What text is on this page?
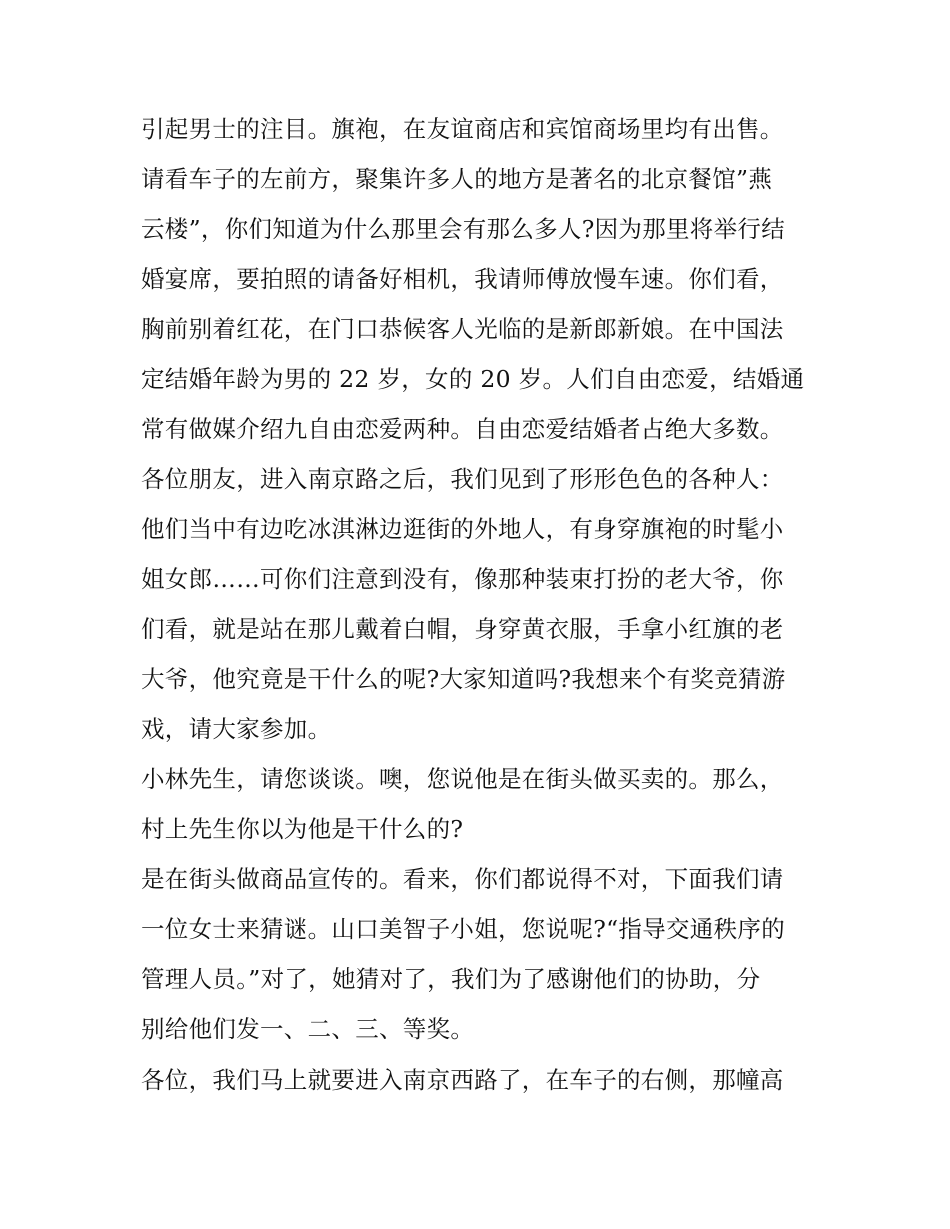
引起男士的注目。旗袍，在友谊商店和宾馆商场里均有出售。
请看车子的左前方，聚集许多人的地方是著名的北京餐馆”燕
云楼”，你们知道为什么那里会有那么多人?因为那里将举行结
婚宴席，要拍照的请备好相机，我请师傅放慢车速。你们看，
胸前别着红花，在门口恭候客人光临的是新郎新娘。在中国法
定结婚年龄为男的 22 岁，女的 20 岁。人们自由恋爱，结婚通
常有做媒介绍九自由恋爱两种。自由恋爱结婚者占绝大多数。
各位朋友，进入南京路之后，我们见到了形形色色的各种人：
他们当中有边吃冰淇淋边逛街的外地人，有身穿旗袍的时髦小
姐女郎……可你们注意到没有，像那种装束打扮的老大爷，你
们看，就是站在那儿戴着白帽，身穿黄衣服，手拿小红旗的老
大爷，他究竟是干什么的呢?大家知道吗?我想来个有奖竞猜游
戏，请大家参加。
小林先生，请您谈谈。噢，您说他是在街头做买卖的。那么，
村上先生你以为他是干什么的?
是在街头做商品宣传的。看来，你们都说得不对，下面我们请
一位女士来猜谜。山口美智子小姐，您说呢?“指导交通秩序的
管理人员。”对了，她猜对了，我们为了感谢他们的协助，分
别给他们发一、二、三、等奖。
各位，我们马上就要进入南京西路了，在车子的右侧，那幢高
